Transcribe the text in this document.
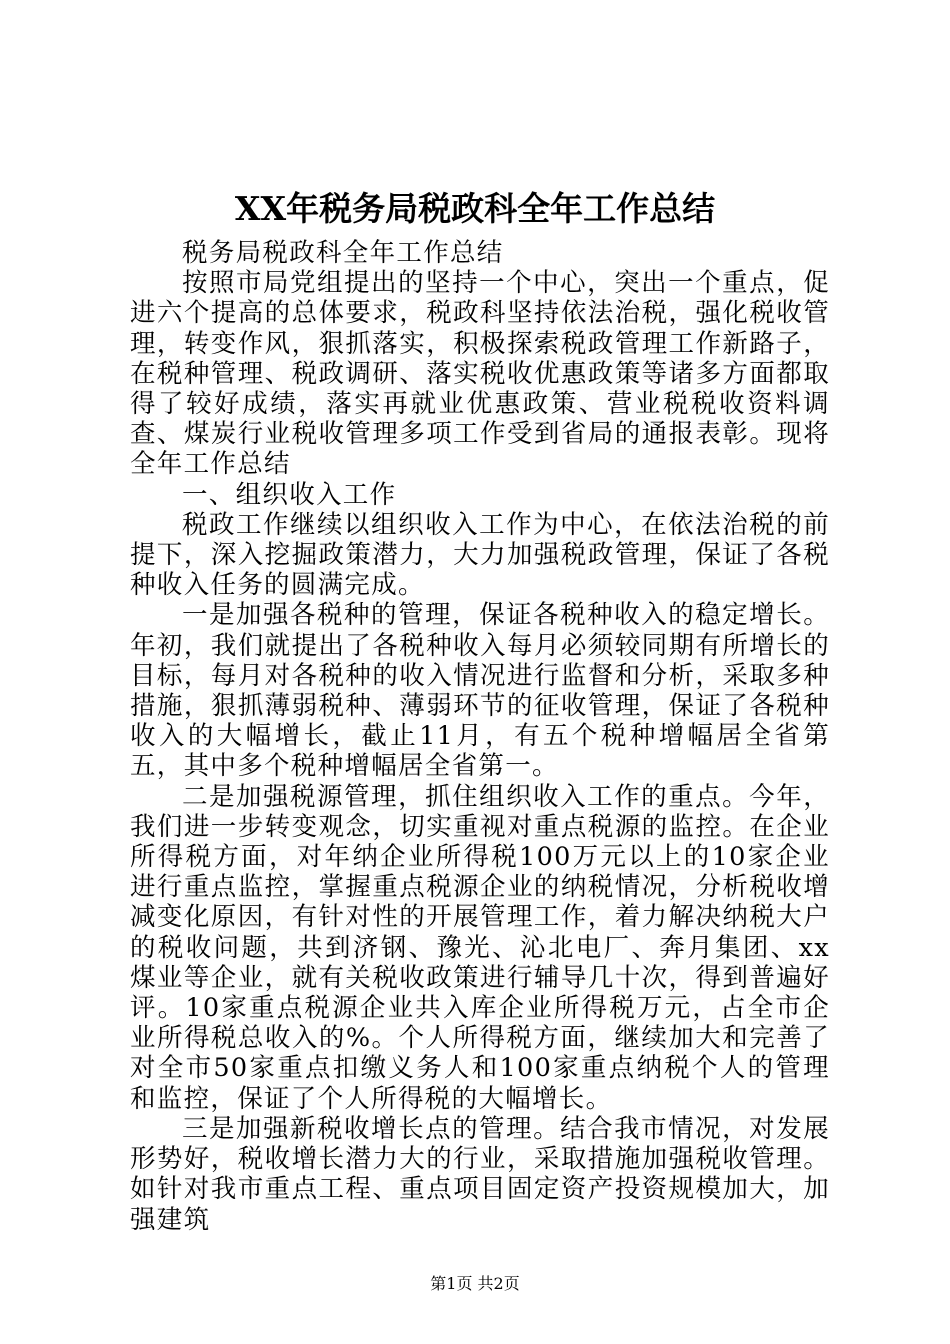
XX年税务局税政科全年工作总结

税务局税政科全年工作总结

按照市局党组提出的坚持一个中心，突出一个重点，促进六个提高的总体要求，税政科坚持依法治税，强化税收管理，转变作风，狠抓落实，积极探索税政管理工作新路子，在税种管理、税政调研、落实税收优惠政策等诸多方面都取得了较好成绩，落实再就业优惠政策、营业税税收资料调查、煤炭行业税收管理多项工作受到省局的通报表彰。现将全年工作总结

一、组织收入工作

税政工作继续以组织收入工作为中心，在依法治税的前提下，深入挖掘政策潜力，大力加强税政管理，保证了各税种收入任务的圆满完成。

一是加强各税种的管理，保证各税种收入的稳定增长。年初，我们就提出了各税种收入每月必须较同期有所增长的目标，每月对各税种的收入情况进行监督和分析，采取多种措施，狠抓薄弱税种、薄弱环节的征收管理，保证了各税种收入的大幅增长，截止11月，有五个税种增幅居全省第五，其中多个税种增幅居全省第一。

二是加强税源管理，抓住组织收入工作的重点。今年，我们进一步转变观念，切实重视对重点税源的监控。在企业所得税方面，对年纳企业所得税100万元以上的10家企业进行重点监控，掌握重点税源企业的纳税情况，分析税收增减变化原因，有针对性的开展管理工作，着力解决纳税大户的税收问题，共到济钢、豫光、沁北电厂、奔月集团、xx煤业等企业，就有关税收政策进行辅导几十次，得到普遍好评。10家重点税源企业共入库企业所得税万元，占全市企业所得税总收入的%。个人所得税方面，继续加大和完善了对全市50家重点扣缴义务人和100家重点纳税个人的管理和监控，保证了个人所得税的大幅增长。

三是加强新税收增长点的管理。结合我市情况，对发展形势好，税收增长潜力大的行业，采取措施加强税收管理。如针对我市重点工程、重点项目固定资产投资规模加大，加强建筑

第1页 共2页
